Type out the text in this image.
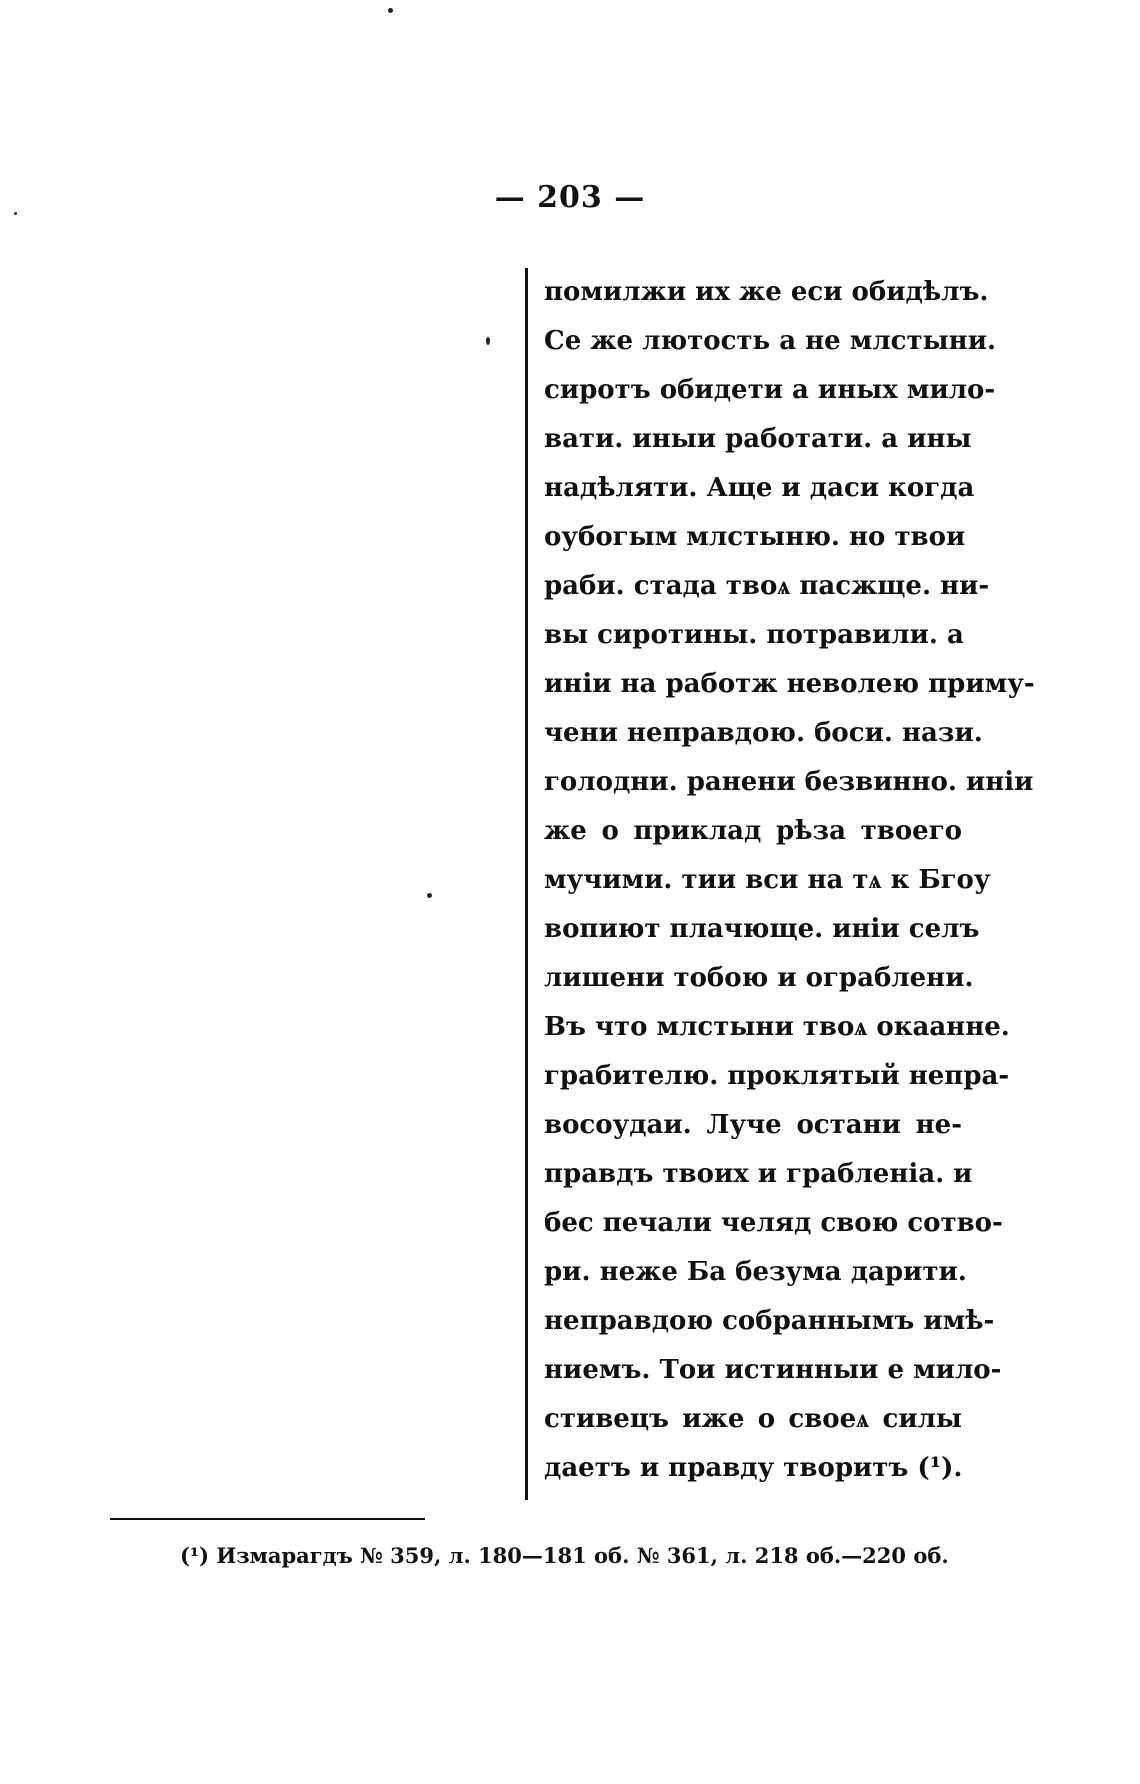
— 203 —
помилжи их же еси обидѣлъ.
Се же лютость а не млстыни.
сиротъ обидети а иных мило-
вати. иныи работати. а ины
надѣляти. Аще и даси когда
оубогым млстыню. но твои
раби. стада твоѧ пасжще. ни-
вы сиротины. потравили. а
иніи на работж неволею приму-
чени неправдою. боси. нази.
голодни. ранени безвинно. иніи
же о приклад рѣза твоего
мучими. тии вси на тѧ к Бгоу
вопиют плачюще. иніи селъ
лишени тобою и ограблени.
Въ что млстыни твоѧ окаанне.
грабителю. проклятый непра-
восоудаи. Луче остани не-
правдъ твоих и грабленіа. и
бес печали челяд свою сотво-
ри. неже Ба безума дарити.
неправдою собраннымъ имѣ-
ниемъ. Тои истинныи е мило-
стивецъ иже о своеѧ силы
даетъ и правду творитъ (¹).
(¹) Измарагдъ № 359, л. 180—181 об. № 361, л. 218 об.—220 об.
